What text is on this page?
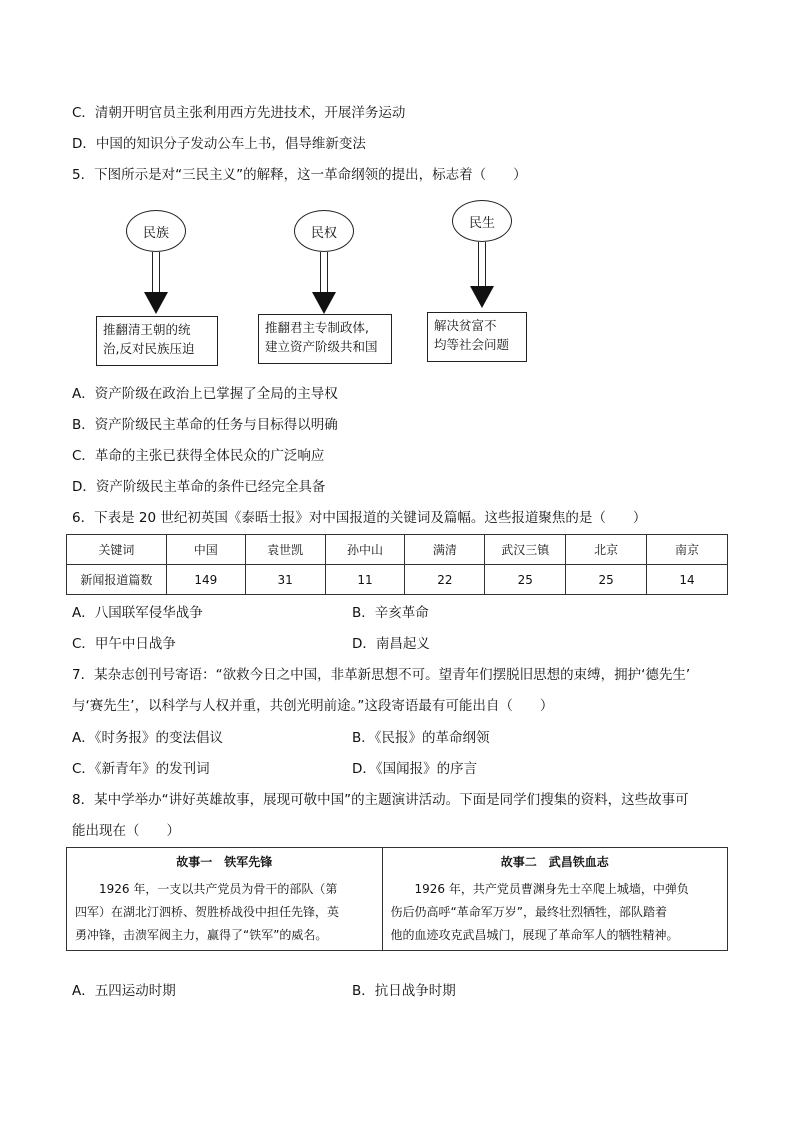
C．清朝开明官员主张利用西方先进技术，开展洋务运动
D．中国的知识分子发动公车上书，倡导维新变法
5．下图所示是对“三民主义”的解释，这一革命纲领的提出，标志着（　　）
民族
推翻清王朝的统
治,反对民族压迫
民权
推翻君主专制政体,
建立资产阶级共和国
民生
解决贫富不
均等社会问题
A．资产阶级在政治上已掌握了全局的主导权
B．资产阶级民主革命的任务与目标得以明确
C．革命的主张已获得全体民众的广泛响应
D．资产阶级民主革命的条件已经完全具备
6．下表是 20 世纪初英国《泰晤士报》对中国报道的关键词及篇幅。这些报道聚焦的是（　　）
关键词	中国	袁世凯	孙中山	满清	武汉三镇	北京	南京
新闻报道篇数	149	31	11	22	25	25	14
A．八国联军侵华战争	B．辛亥革命
C．甲午中日战争	D．南昌起义
7．某杂志创刊号寄语：“欲救今日之中国，非革新思想不可。望青年们摆脱旧思想的束缚，拥护‘德先生’
与‘赛先生’，以科学与人权并重，共创光明前途。”这段寄语最有可能出自（　　）
A．《时务报》的变法倡议	B．《民报》的革命纲领
C．《新青年》的发刊词	D．《国闻报》的序言
8．某中学举办“讲好英雄故事，展现可敬中国”的主题演讲活动。下面是同学们搜集的资料，这些故事可
能出现在（　　）
故事一　铁军先锋
1926 年，一支以共产党员为骨干的部队（第
四军）在湖北汀泗桥、贺胜桥战役中担任先锋，英
勇冲锋，击溃军阀主力，赢得了“铁军”的威名。

故事二　武昌铁血志
1926 年，共产党员曹渊身先士卒爬上城墙，中弹负
伤后仍高呼“革命军万岁”，最终壮烈牺牲，部队踏着
他的血迹攻克武昌城门，展现了革命军人的牺牲精神。
A．五四运动时期	B．抗日战争时期
